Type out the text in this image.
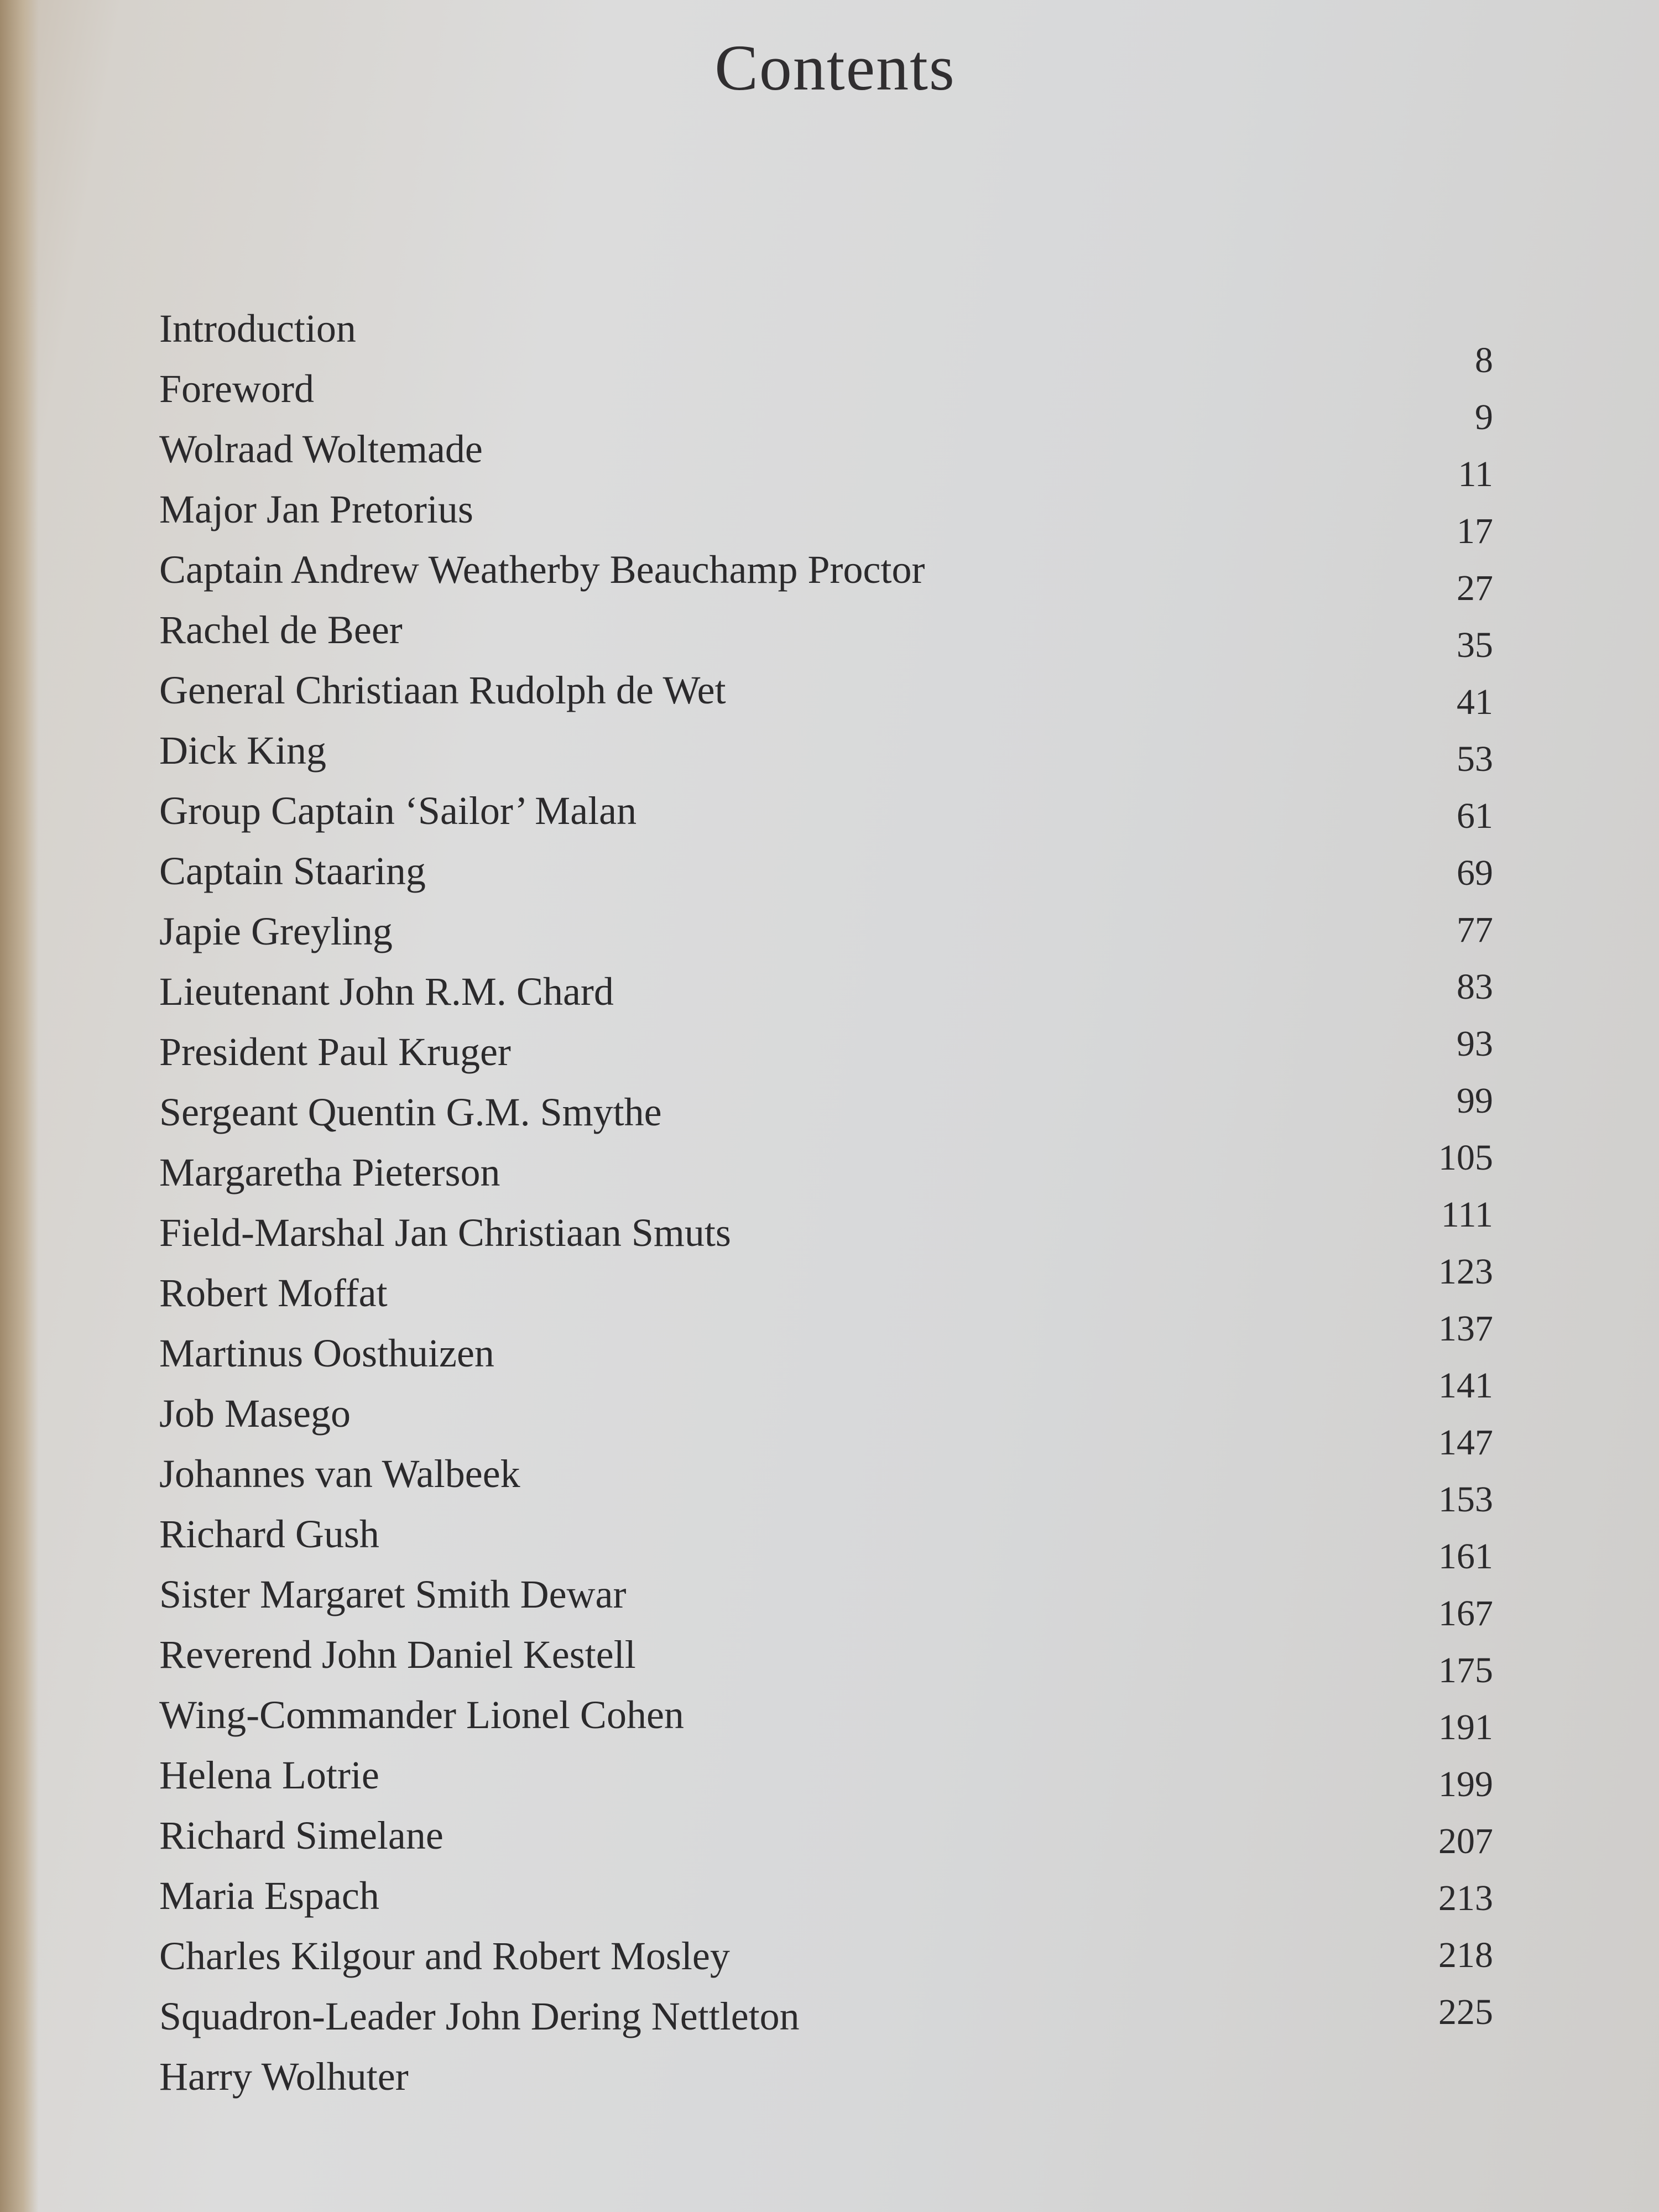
Contents
Introduction
Foreword
Wolraad Woltemade
Major Jan Pretorius
Captain Andrew Weatherby Beauchamp Proctor
Rachel de Beer
General Christiaan Rudolph de Wet
Dick King
Group Captain ‘Sailor’ Malan
Captain Staaring
Japie Greyling
Lieutenant John R.M. Chard
President Paul Kruger
Sergeant Quentin G.M. Smythe
Margaretha Pieterson
Field-Marshal Jan Christiaan Smuts
Robert Moffat
Martinus Oosthuizen
Job Masego
Johannes van Walbeek
Richard Gush
Sister Margaret Smith Dewar
Reverend John Daniel Kestell
Wing-Commander Lionel Cohen
Helena Lotrie
Richard Simelane
Maria Espach
Charles Kilgour and Robert Mosley
Squadron-Leader John Dering Nettleton
Harry Wolhuter
8
9
11
17
27
35
41
53
61
69
77
83
93
99
105
111
123
137
141
147
153
161
167
175
191
199
207
213
218
225
